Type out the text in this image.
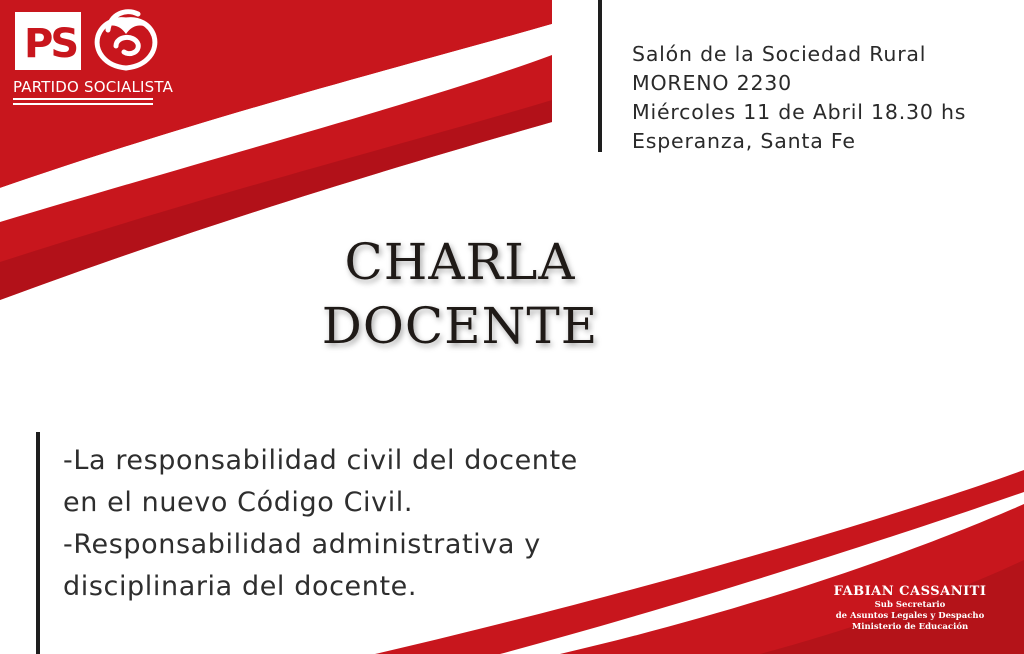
PS
PARTIDO SOCIALISTA
Salón de la Sociedad Rural
MORENO 2230
Miércoles 11 de Abril 18.30 hs
Esperanza, Santa Fe
CHARLA
DOCENTE
-La responsabilidad civil del docente
en el nuevo Código Civil.
-Responsabilidad administrativa y
disciplinaria del docente.	FABIAN CASSANITI
Sub Secretario
de Asuntos Legales y Despacho
Ministerio de Educación
